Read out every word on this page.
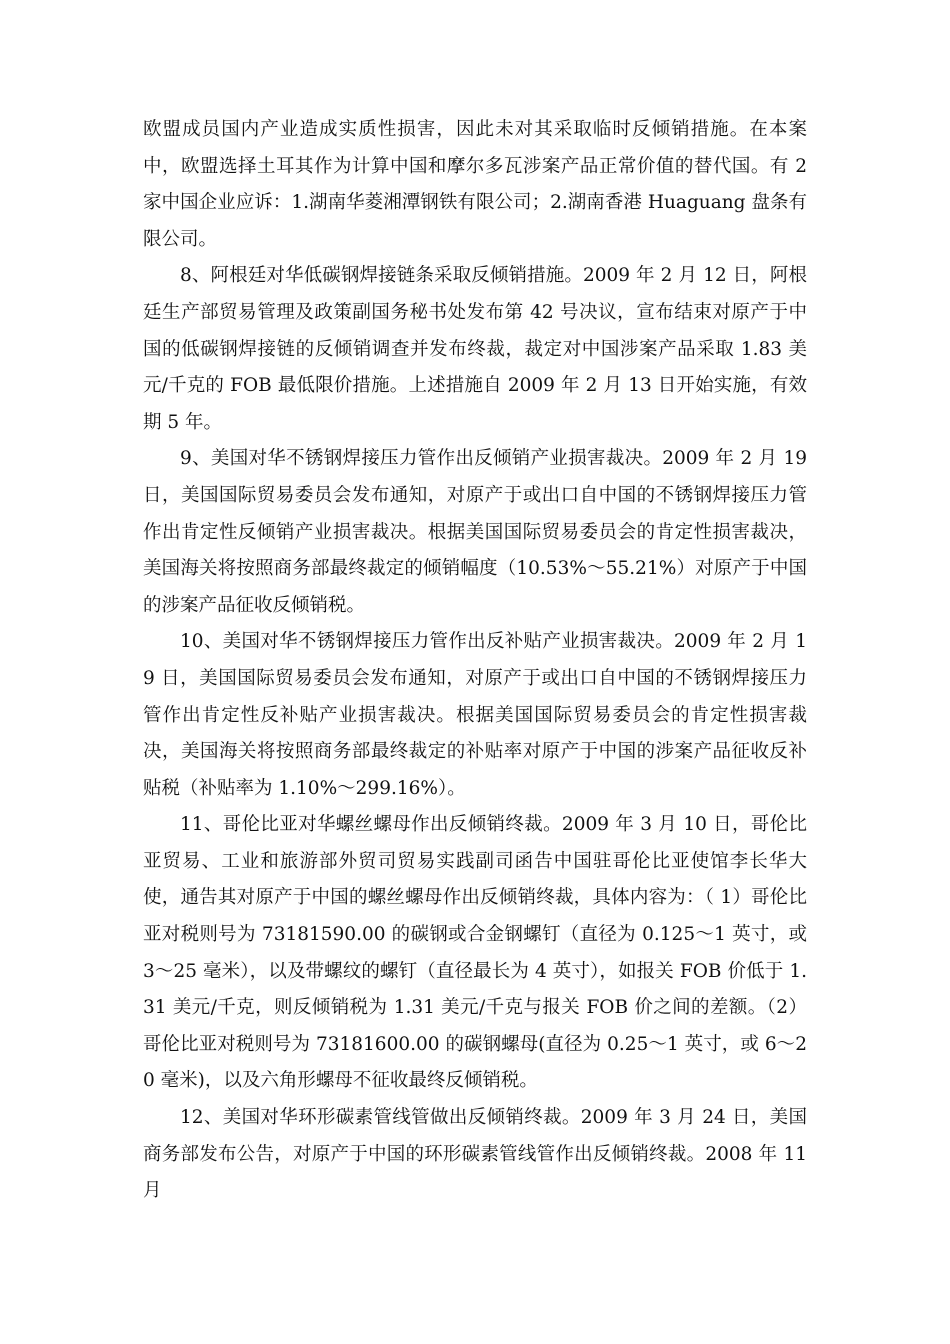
欧盟成员国内产业造成实质性损害，因此未对其采取临时反倾销措施。在本案中，欧盟选择土耳其作为计算中国和摩尔多瓦涉案产品正常价值的替代国。有 2 家中国企业应诉：1.湖南华菱湘潭钢铁有限公司；2.湖南香港 Huaguang 盘条有限公司。

8、阿根廷对华低碳钢焊接链条采取反倾销措施。2009 年 2 月 12 日，阿根廷生产部贸易管理及政策副国务秘书处发布第 42 号决议，宣布结束对原产于中国的低碳钢焊接链的反倾销调查并发布终裁，裁定对中国涉案产品采取 1.83 美元/千克的 FOB 最低限价措施。上述措施自 2009 年 2 月 13 日开始实施，有效期 5 年。

9、美国对华不锈钢焊接压力管作出反倾销产业损害裁决。2009 年 2 月 19 日，美国国际贸易委员会发布通知，对原产于或出口自中国的不锈钢焊接压力管作出肯定性反倾销产业损害裁决。根据美国国际贸易委员会的肯定性损害裁决，美国海关将按照商务部最终裁定的倾销幅度（10.53%～55.21%）对原产于中国的涉案产品征收反倾销税。

10、美国对华不锈钢焊接压力管作出反补贴产业损害裁决。2009 年 2 月 19 日，美国国际贸易委员会发布通知，对原产于或出口自中国的不锈钢焊接压力管作出肯定性反补贴产业损害裁决。根据美国国际贸易委员会的肯定性损害裁决，美国海关将按照商务部最终裁定的补贴率对原产于中国的涉案产品征收反补贴税（补贴率为 1.10%～299.16%）。

11、哥伦比亚对华螺丝螺母作出反倾销终裁。2009 年 3 月 10 日，哥伦比亚贸易、工业和旅游部外贸司贸易实践副司函告中国驻哥伦比亚使馆李长华大使，通告其对原产于中国的螺丝螺母作出反倾销终裁，具体内容为：（ 1）哥伦比亚对税则号为 73181590.00 的碳钢或合金钢螺钉（直径为 0.125～1 英寸，或 3～25 毫米），以及带螺纹的螺钉（直径最长为 4 英寸），如报关 FOB 价低于 1.31 美元/千克，则反倾销税为 1.31 美元/千克与报关 FOB 价之间的差额。（2）哥伦比亚对税则号为 73181600.00 的碳钢螺母(直径为 0.25～1 英寸，或 6～20 毫米)，以及六角形螺母不征收最终反倾销税。

12、美国对华环形碳素管线管做出反倾销终裁。2009 年 3 月 24 日，美国商务部发布公告，对原产于中国的环形碳素管线管作出反倾销终裁。2008 年 11 月
